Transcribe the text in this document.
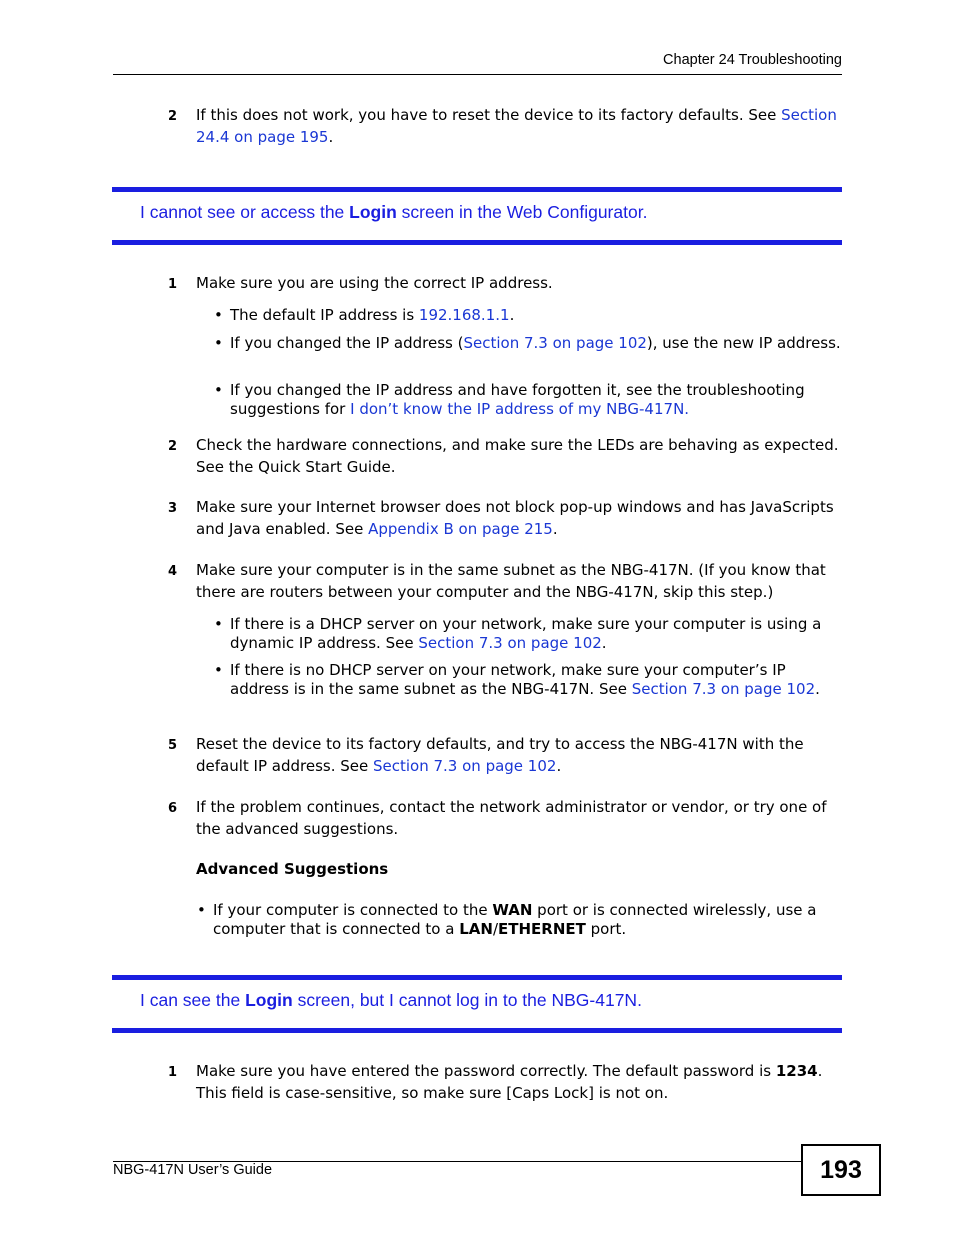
Chapter 24 Troubleshooting
2 If this does not work, you have to reset the device to its factory defaults. See Section 24.4 on page 195.
I cannot see or access the Login screen in the Web Configurator.
1 Make sure you are using the correct IP address.
• The default IP address is 192.168.1.1.
• If you changed the IP address (Section 7.3 on page 102), use the new IP address.
• If you changed the IP address and have forgotten it, see the troubleshooting suggestions for I don’t know the IP address of my NBG-417N.
2 Check the hardware connections, and make sure the LEDs are behaving as expected. See the Quick Start Guide.
3 Make sure your Internet browser does not block pop-up windows and has JavaScripts and Java enabled. See Appendix B on page 215.
4 Make sure your computer is in the same subnet as the NBG-417N. (If you know that there are routers between your computer and the NBG-417N, skip this step.)
• If there is a DHCP server on your network, make sure your computer is using a dynamic IP address. See Section 7.3 on page 102.
• If there is no DHCP server on your network, make sure your computer’s IP address is in the same subnet as the NBG-417N. See Section 7.3 on page 102.
5 Reset the device to its factory defaults, and try to access the NBG-417N with the default IP address. See Section 7.3 on page 102.
6 If the problem continues, contact the network administrator or vendor, or try one of the advanced suggestions.
Advanced Suggestions
• If your computer is connected to the WAN port or is connected wirelessly, use a computer that is connected to a LAN/ETHERNET port.
I can see the Login screen, but I cannot log in to the NBG-417N.
1 Make sure you have entered the password correctly. The default password is 1234. This field is case-sensitive, so make sure [Caps Lock] is not on.
NBG-417N User’s Guide	193
